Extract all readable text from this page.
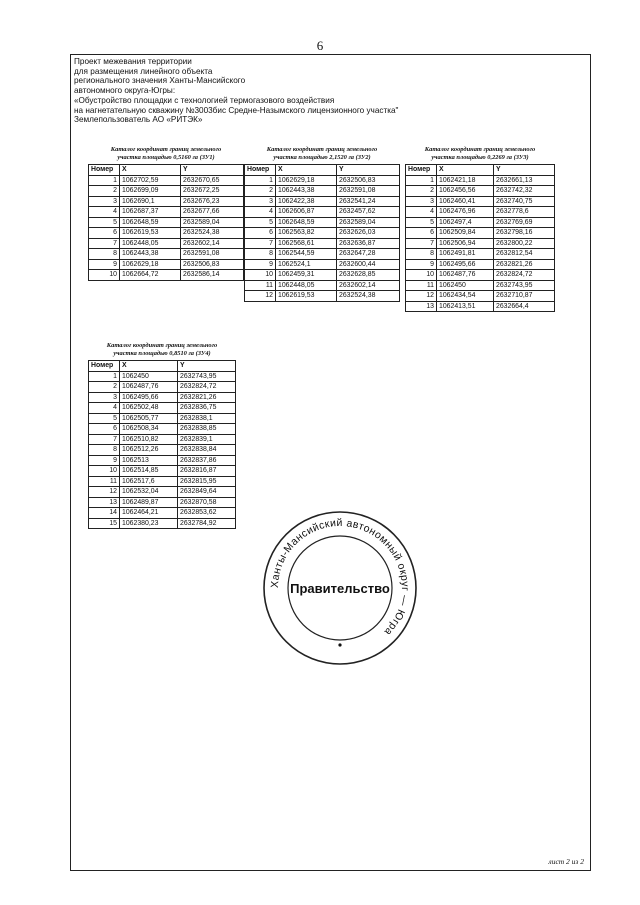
6
Проект межевания территории
для размещения линейного объекта
регионального значения Ханты-Мансийского
автономного округа-Югры:
«Обустройство площадки с технологией термогазового воздействия
на нагнетательную скважину №3003бис Средне-Назымского лицензионного участка"
Землепользователь АО «РИТЭК»
Каталог координат границ земельного
участка площадью 0,5160 га (ЗУ1)
Номер	X	Y
1	1062702,59	2632670,65
2	1062699,09	2632672,25
3	1062690,1	2632676,23
4	1062687,37	2632677,66
5	1062648,59	2632589,04
6	1062619,53	2632524,38
7	1062448,05	2632602,14
8	1062443,38	2632591,08
9	1062629,18	2632506,83
10	1062664,72	2632586,14
Каталог координат границ земельного
участка площадью 2,1520 га (ЗУ2)
Номер	X	Y
1	1062629,18	2632506,83
2	1062443,38	2632591,08
3	1062422,38	2632541,24
4	1062606,87	2632457,62
5	1062648,59	2632589,04
6	1062563,82	2632626,03
7	1062568,61	2632636,87
8	1062544,59	2632647,28
9	1062524,1	2632600,44
10	1062459,31	2632628,85
11	1062448,05	2632602,14
12	1062619,53	2632524,38
Каталог координат границ земельного
участка площадью 0,2269 га (ЗУ3)
Номер	X	Y
1	1062421,18	2632661,13
2	1062456,56	2632742,32
3	1062460,41	2632740,75
4	1062476,96	2632778,6
5	1062497,4	2632769,69
6	1062509,84	2632798,16
7	1062506,94	2632800,22
8	1062491,81	2632812,54
9	1062495,66	2632821,26
10	1062487,76	2632824,72
11	1062450	2632743,95
12	1062434,54	2632710,87
13	1062413,51	2632664,4
Каталог координат границ земельного
участка площадью 0,8510 га (ЗУ4)
Номер	X	Y
1	1062450	2632743,95
2	1062487,76	2632824,72
3	1062495,66	2632821,26
4	1062502,48	2632836,75
5	1062505,77	2632838,1
6	1062508,34	2632838,85
7	1062510,82	2632839,1
8	1062512,26	2632838,84
9	1062513	2632837,86
10	1062514,85	2632816,87
11	1062517,6	2632815,95
12	1062532,04	2632849,64
13	1062489,87	2632870,58
14	1062464,21	2632853,62
15	1062380,23	2632784,92
Ханты-Мансийский автономный округ — Югра
Правительство
лист 2 из 2
